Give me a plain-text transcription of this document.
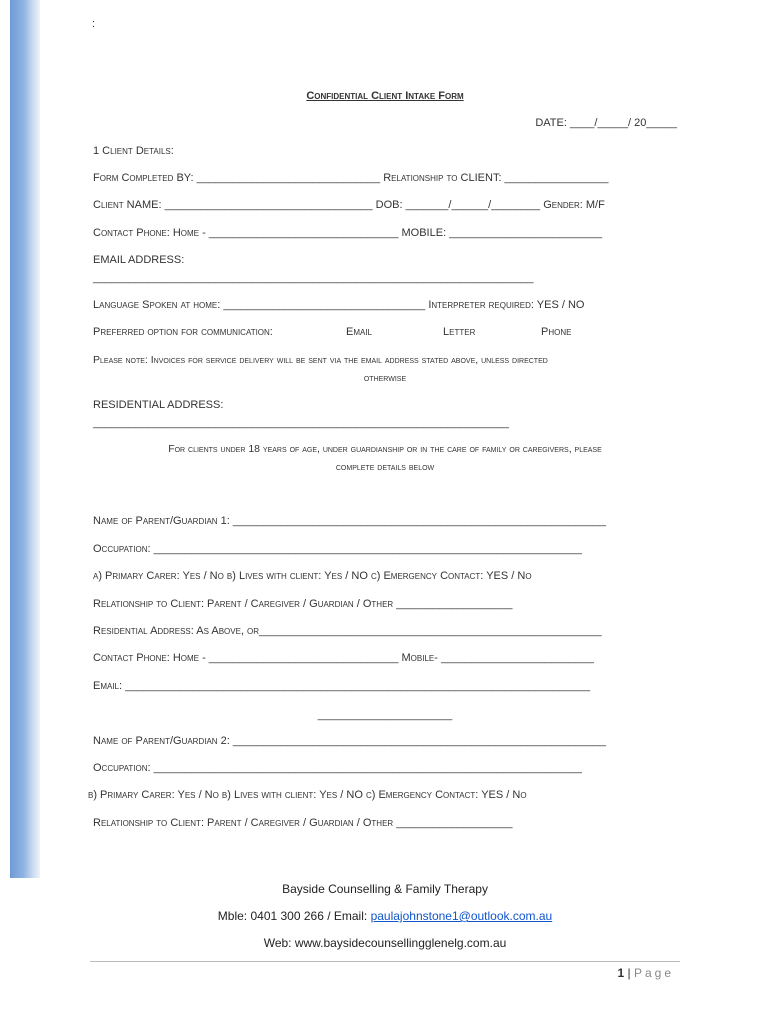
:
Confidential Client Intake Form
DATE: ____/_____/ 20_____
1 Client Details:
Form Completed BY: ______________________________ Relationship to CLIENT: _________________
Client NAME: __________________________________ DOB: _______/______/________ Gender: M/F
Contact Phone: Home - _______________________________ MOBILE: _________________________
EMAIL ADDRESS:
________________________________________________________________________
Language Spoken at home: _________________________________ Interpreter required: YES / NO
Preferred option for communication:	Email	Letter	Phone
Please note: Invoices for service delivery will be sent via the email address stated above, unless directed
otherwise
RESIDENTIAL ADDRESS:
____________________________________________________________________
For clients under 18 years of age, under guardianship or in the care of family or caregivers, please
complete details below
Name of Parent/Guardian 1: _____________________________________________________________
Occupation: ______________________________________________________________________
a) Primary Carer: Yes / No b) Lives with client: Yes / NO c) Emergency Contact: YES / No
Relationship to Client: Parent / Caregiver / Guardian / Other ___________________
Residential Address: As Above, or________________________________________________________
Contact Phone: Home - _______________________________ Mobile- _________________________
Email: ____________________________________________________________________________
______________________
Name of Parent/Guardian 2: _____________________________________________________________
Occupation: ______________________________________________________________________
b) Primary Carer: Yes / No b) Lives with client: Yes / NO c) Emergency Contact: YES / No
Relationship to Client: Parent / Caregiver / Guardian / Other ___________________
Bayside Counselling & Family Therapy
Mble: 0401 300 266 / Email: paulajohnstone1@outlook.com.au
Web: www.baysidecounsellingglenelg.com.au
1 | Page
